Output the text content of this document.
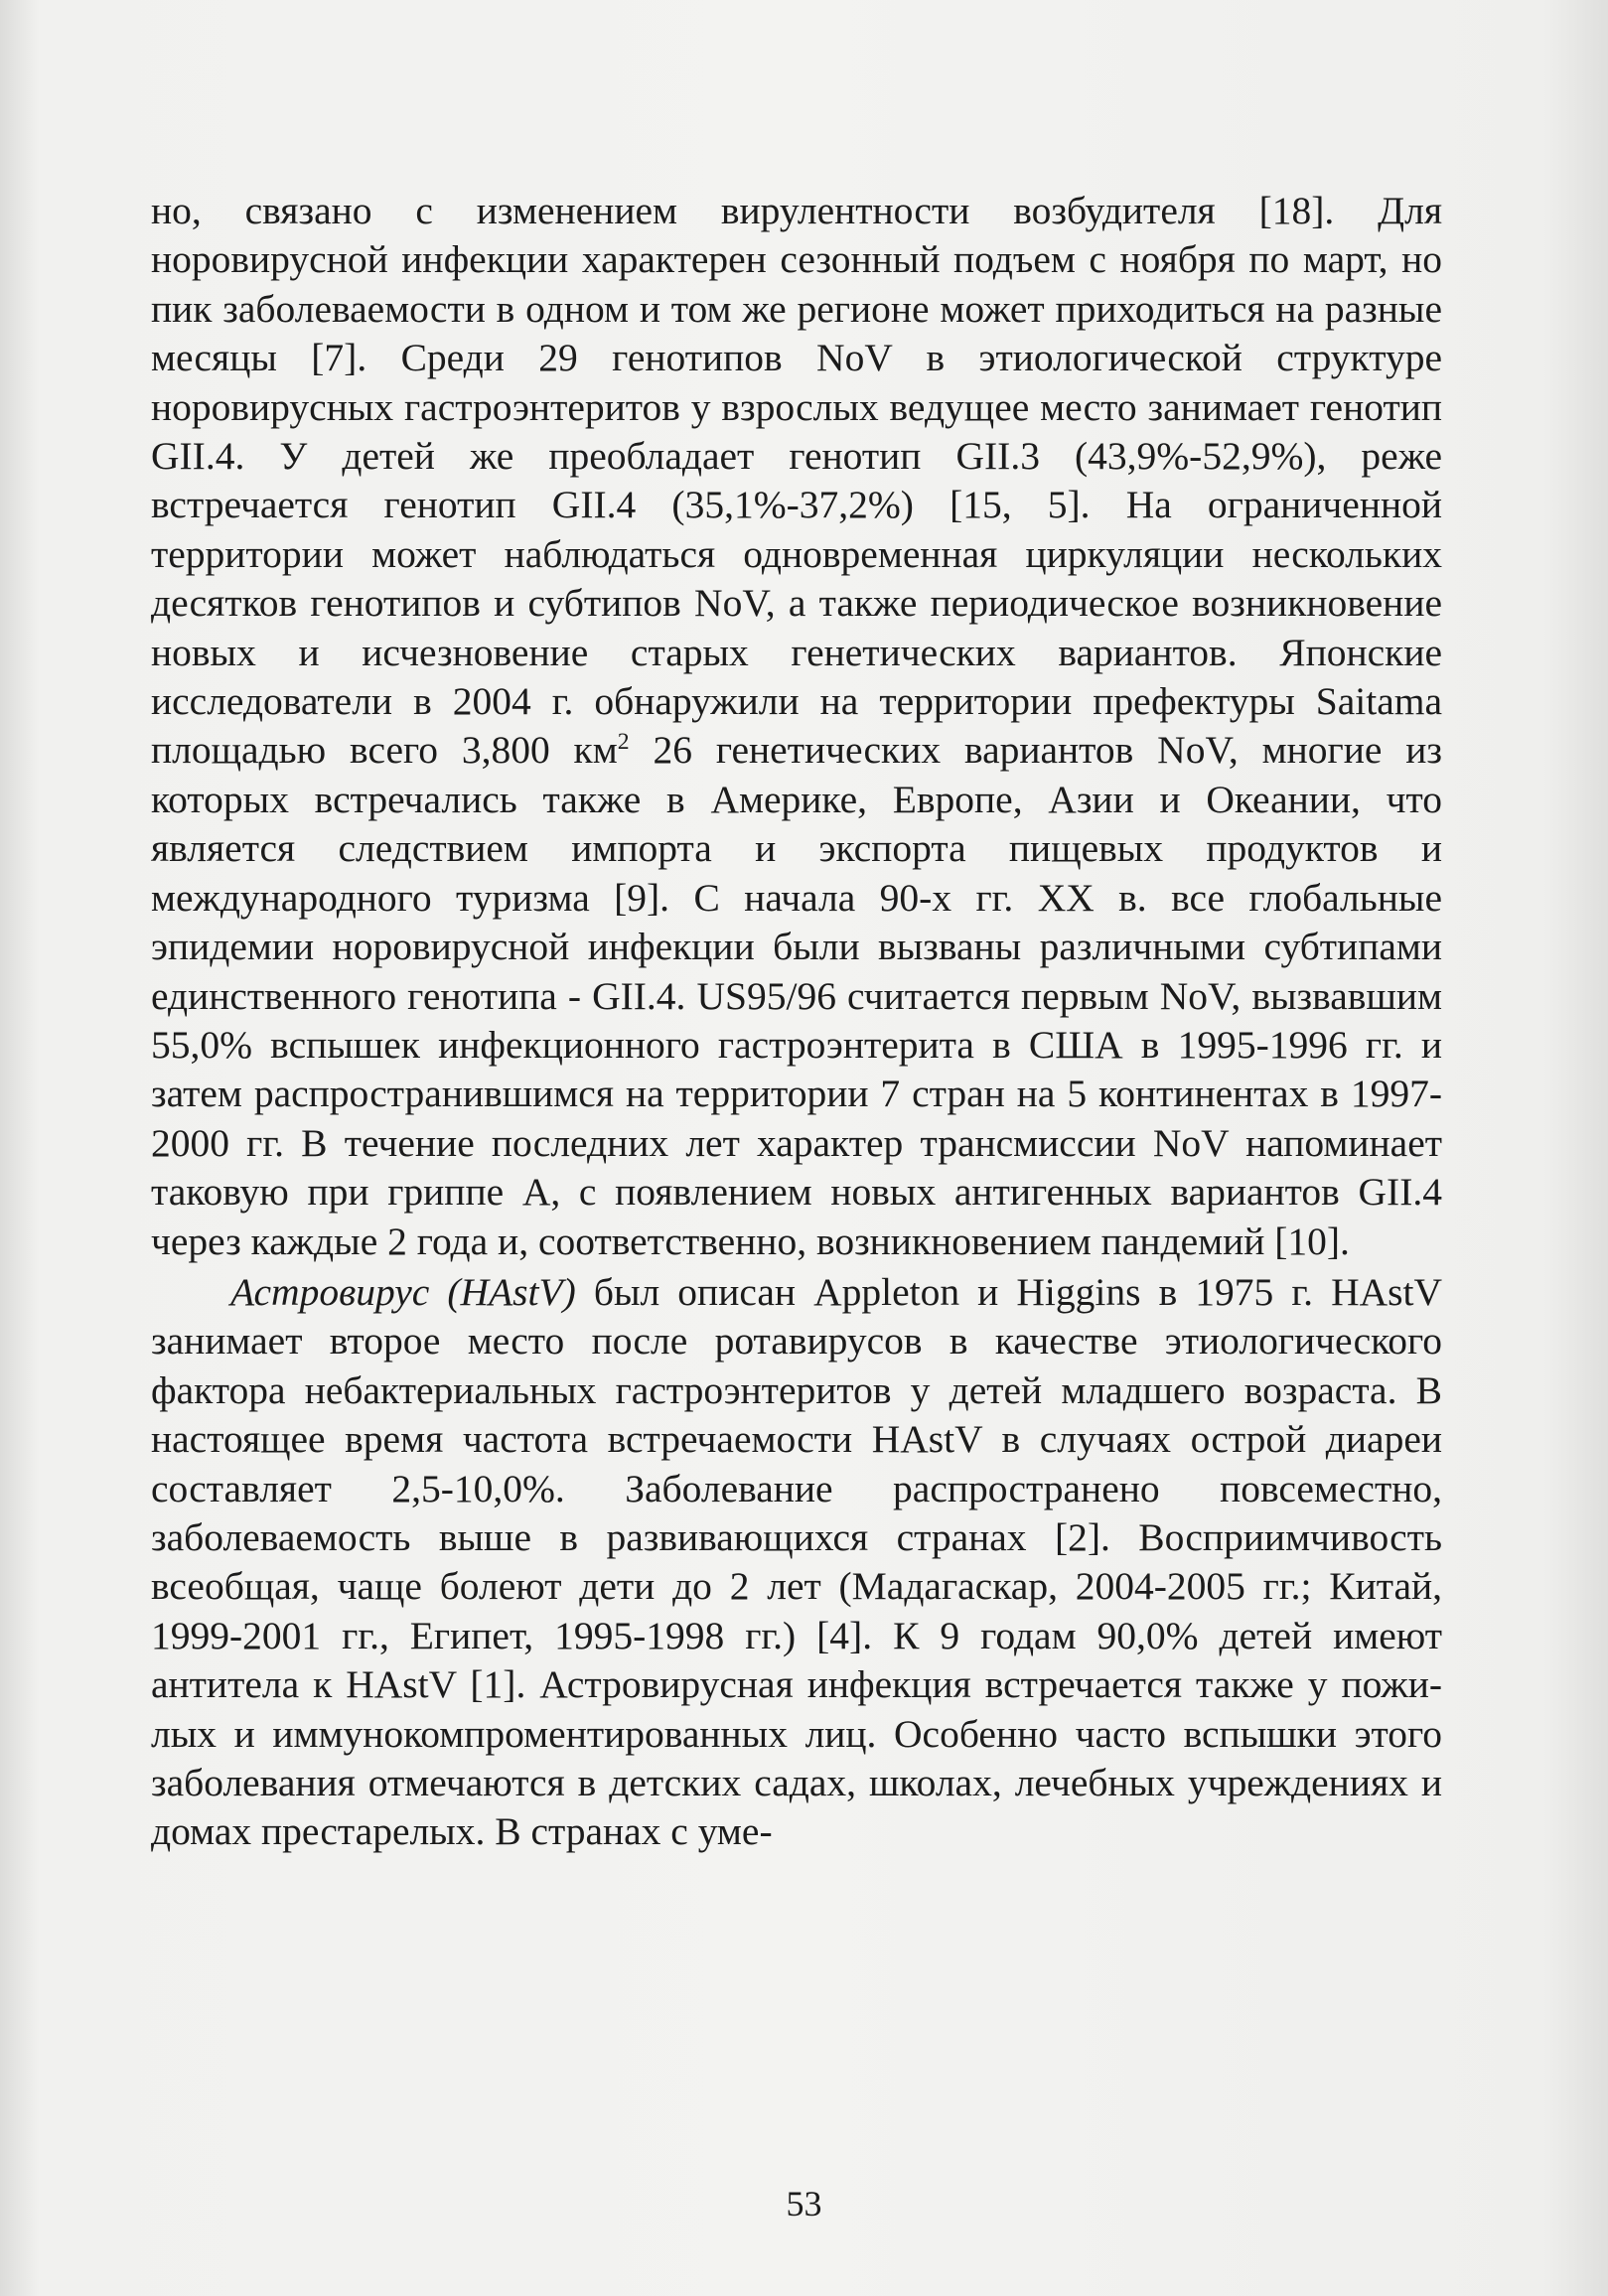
но, связано с изменением вирулентности возбудителя [18]. Для норовирусной инфекции характерен сезонный подъем с ноября по март, но пик заболеваемости в одном и том же регионе может приходиться на разные месяцы [7]. Среди 29 генотипов NoV в этиологической структуре норовирусных гастроэнтеритов у взрослых ведущее место занимает генотип GII.4. У детей же преобладает генотип GII.3 (43,9%-52,9%), реже встречается генотип GII.4 (35,1%-37,2%) [15, 5]. На ограниченной территории может наблюдаться одновременная циркуляции нескольких десятков генотипов и субтипов NoV, а также периодическое возникновение новых и исчезновение старых генетических вариантов. Японские исследователи в 2004 г. обнаружили на территории префектуры Saitama площадью всего 3,800 $км^2$ 26 генетических вариантов NoV, многие из которых встречались также в Америке, Европе, Азии и Океании, что является следствием импорта и экспорта пищевых продуктов и международного туризма [9]. С начала 90-х гг. XX в. все глобальные эпидемии норовирусной инфекции были вызваны различными субтипами единственного генотипа - GII.4. US95/96 считается первым NoV, вызвавшим 55,0% вспышек инфекционного гастроэнтерита в США в 1995-1996 гг. и затем распространившимся на территории 7 стран на 5 континентах в 1997-2000 гг. В течение последних лет характер трансмиссии NoV напоминает таковую при гриппе А, с появлением новых антигенных вариантов GII.4 через каждые 2 года и, соответственно, возникновением пандемий [10].

Астровирус (HAstV) был описан Appleton и Higgins в 1975 г. HAstV занимает второе место после ротавирусов в качестве этиологического фактора небактериальных гастроэнтеритов у детей младшего возраста. В настоящее время частота встречаемости HAstV в случаях острой диареи составляет 2,5-10,0%. Заболевание распространено повсеместно, заболеваемость выше в развивающихся странах [2]. Восприимчивость всеобщая, чаще болеют дети до 2 лет (Мадагаскар, 2004-2005 гг.; Китай, 1999-2001 гг., Египет, 1995-1998 гг.) [4]. К 9 годам 90,0% детей имеют антитела к HAstV [1]. Астровирусная инфекция встречается также у пожилых и иммунокомпроментированных лиц. Особенно часто вспышки этого заболевания отмечаются в детских садах, школах, лечебных учреждениях и домах престарелых. В странах с уме-

53
